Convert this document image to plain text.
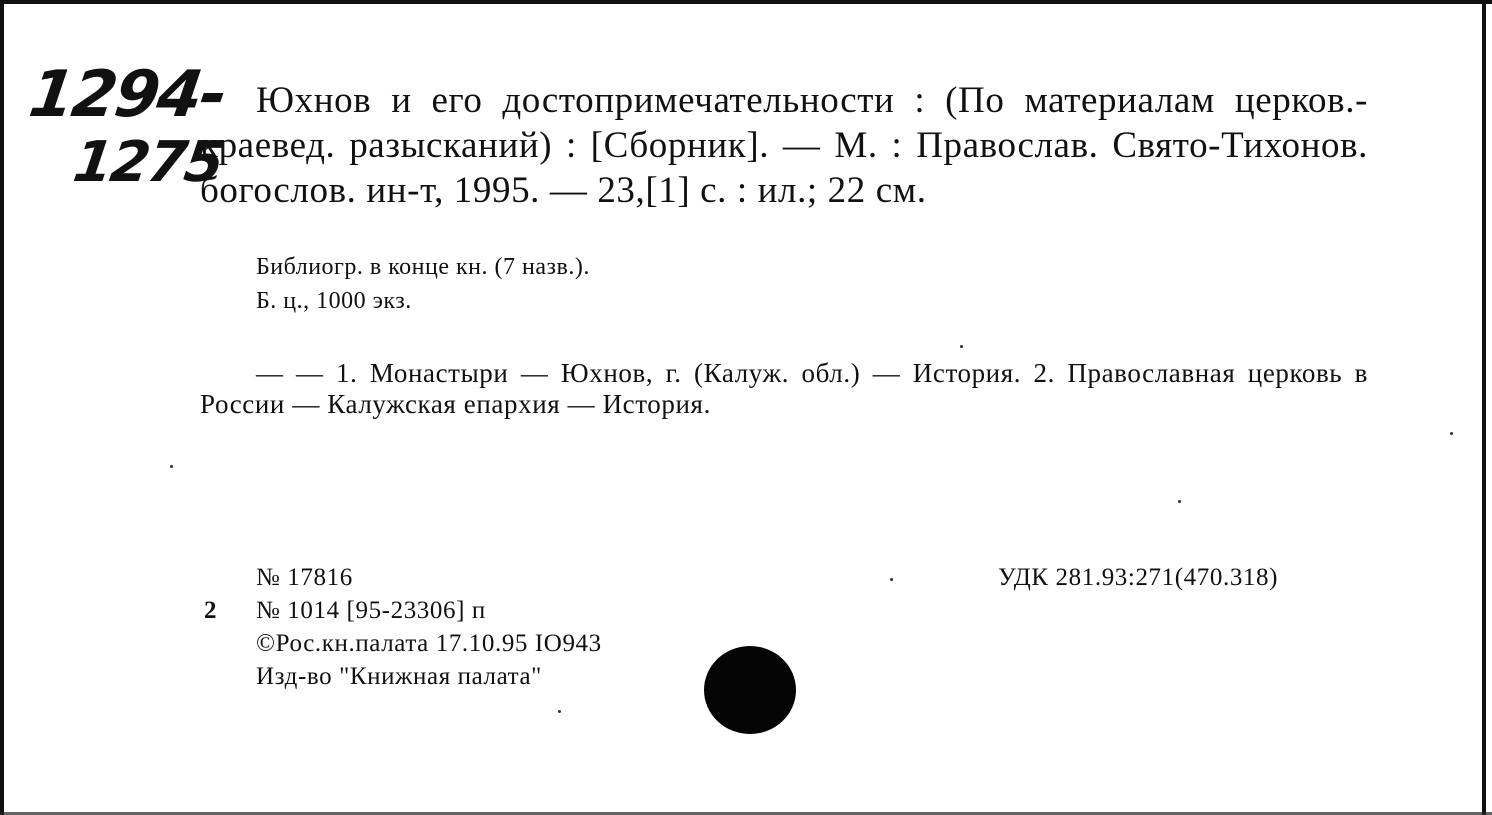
1294-
1275
Юхнов и его достопримечательности : (По материалам церков.-краевед. разысканий) : [Сборник]. — М. : Православ. Свято-Тихонов. богослов. ин-т, 1995. — 23,[1] с. : ил.; 22 см.
Библиогр. в конце кн. (7 назв.).
Б. ц., 1000 экз.
— — 1. Монастыри — Юхнов, г. (Калуж. обл.) — История. 2. Православная церковь в России — Калужская епархия — История.
№ 17816
2 № 1014 [95-23306] п
©Рос.кн.палата 17.10.95 IO943
Изд-во "Книжная палата"
УДК 281.93:271(470.318)
